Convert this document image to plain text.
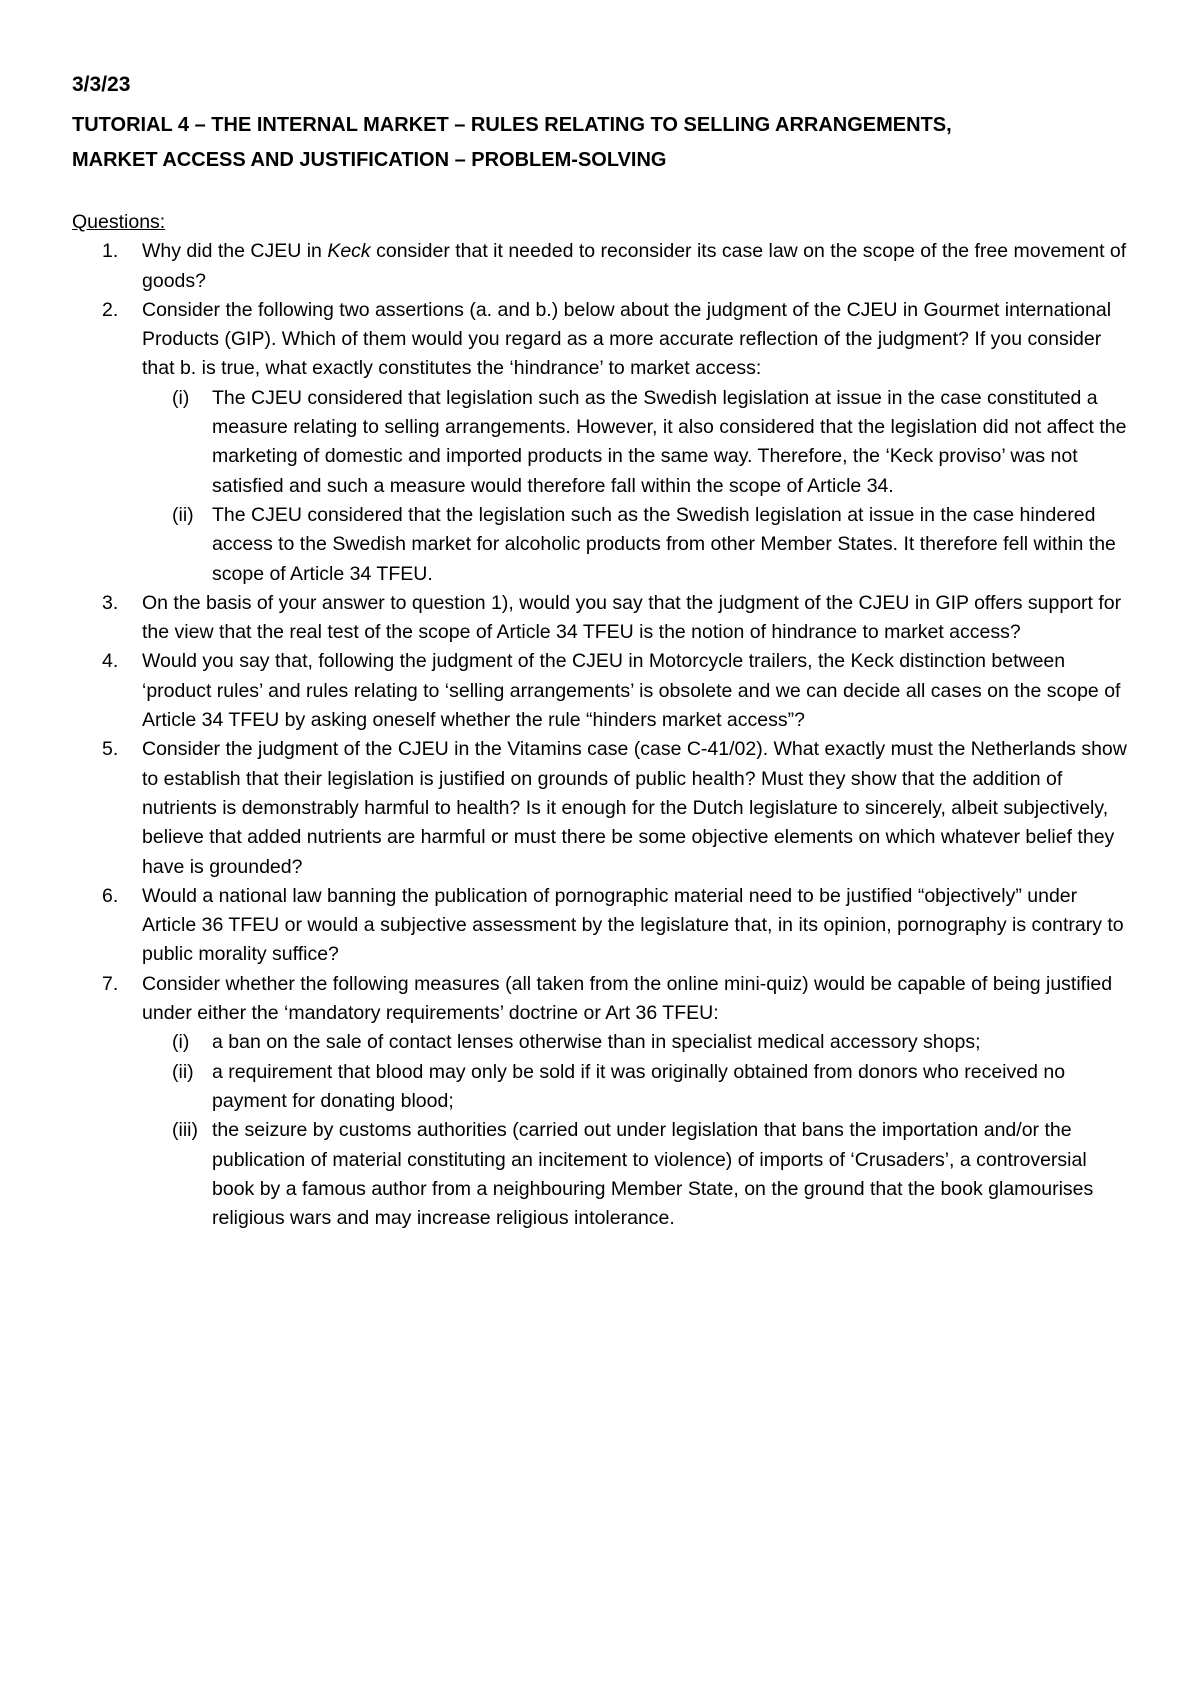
3/3/23
TUTORIAL 4 – THE INTERNAL MARKET – RULES RELATING TO SELLING ARRANGEMENTS,
MARKET ACCESS AND JUSTIFICATION – PROBLEM-SOLVING
Questions:
1. Why did the CJEU in Keck consider that it needed to reconsider its case law on the scope of the free movement of goods?
2. Consider the following two assertions (a. and b.) below about the judgment of the CJEU in Gourmet international Products (GIP). Which of them would you regard as a more accurate reflection of the judgment? If you consider that b. is true, what exactly constitutes the ‘hindrance’ to market access:
(i) The CJEU considered that legislation such as the Swedish legislation at issue in the case constituted a measure relating to selling arrangements. However, it also considered that the legislation did not affect the marketing of domestic and imported products in the same way. Therefore, the ‘Keck proviso’ was not satisfied and such a measure would therefore fall within the scope of Article 34.
(ii) The CJEU considered that the legislation such as the Swedish legislation at issue in the case hindered access to the Swedish market for alcoholic products from other Member States. It therefore fell within the scope of Article 34 TFEU.
3. On the basis of your answer to question 1), would you say that the judgment of the CJEU in GIP offers support for the view that the real test of the scope of Article 34 TFEU is the notion of hindrance to market access?
4. Would you say that, following the judgment of the CJEU in Motorcycle trailers, the Keck distinction between ‘product rules’ and rules relating to ‘selling arrangements’ is obsolete and we can decide all cases on the scope of Article 34 TFEU by asking oneself whether the rule “hinders market access”?
5. Consider the judgment of the CJEU in the Vitamins case (case C-41/02). What exactly must the Netherlands show to establish that their legislation is justified on grounds of public health? Must they show that the addition of nutrients is demonstrably harmful to health? Is it enough for the Dutch legislature to sincerely, albeit subjectively, believe that added nutrients are harmful or must there be some objective elements on which whatever belief they have is grounded?
6. Would a national law banning the publication of pornographic material need to be justified “objectively” under Article 36 TFEU or would a subjective assessment by the legislature that, in its opinion, pornography is contrary to public morality suffice?
7. Consider whether the following measures (all taken from the online mini-quiz) would be capable of being justified under either the ‘mandatory requirements’ doctrine or Art 36 TFEU:
(i) a ban on the sale of contact lenses otherwise than in specialist medical accessory shops;
(ii) a requirement that blood may only be sold if it was originally obtained from donors who received no payment for donating blood;
(iii) the seizure by customs authorities (carried out under legislation that bans the importation and/or the publication of material constituting an incitement to violence) of imports of ‘Crusaders’, a controversial book by a famous author from a neighbouring Member State, on the ground that the book glamourises religious wars and may increase religious intolerance.
